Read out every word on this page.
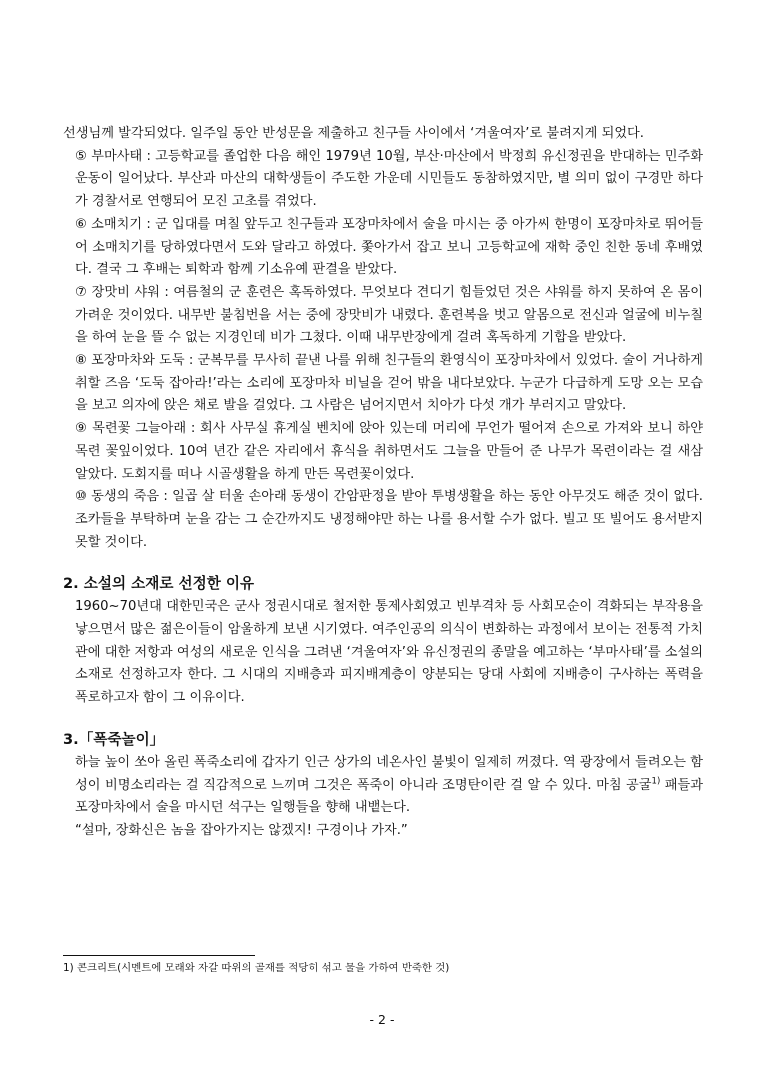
선생님께 발각되었다. 일주일 동안 반성문을 제출하고 친구들 사이에서 ‘겨울여자’로 불려지게 되었다.

⑤ 부마사태 : 고등학교를 졸업한 다음 해인 1979년 10월, 부산·마산에서 박정희 유신정권을 반대하는 민주화 운동이 일어났다. 부산과 마산의 대학생들이 주도한 가운데 시민들도 동참하였지만, 별 의미 없이 구경만 하다가 경찰서로 연행되어 모진 고초를 겪었다.

⑥ 소매치기 : 군 입대를 며칠 앞두고 친구들과 포장마차에서 술을 마시는 중 아가씨 한명이 포장마차로 뛰어들어 소매치기를 당하였다면서 도와 달라고 하였다. 쫓아가서 잡고 보니 고등학교에 재학 중인 친한 동네 후배였다. 결국 그 후배는 퇴학과 함께 기소유예 판결을 받았다.

⑦ 장맛비 샤워 : 여름철의 군 훈련은 혹독하였다. 무엇보다 견디기 힘들었던 것은 샤워를 하지 못하여 온 몸이 가려운 것이었다. 내무반 불침번을 서는 중에 장맛비가 내렸다. 훈련복을 벗고 알몸으로 전신과 얼굴에 비누칠을 하여 눈을 뜰 수 없는 지경인데 비가 그쳤다. 이때 내무반장에게 걸려 혹독하게 기합을 받았다.

⑧ 포장마차와 도둑 : 군복무를 무사히 끝낸 나를 위해 친구들의 환영식이 포장마차에서 있었다. 술이 거나하게 취할 즈음 ‘도둑 잡아라!’라는 소리에 포장마차 비닐을 걷어 밖을 내다보았다. 누군가 다급하게 도망 오는 모습을 보고 의자에 앉은 채로 발을 걸었다. 그 사람은 넘어지면서 치아가 다섯 개가 부러지고 말았다.

⑨ 목련꽃 그늘아래 : 회사 사무실 휴게실 벤치에 앉아 있는데 머리에 무언가 떨어져 손으로 가져와 보니 하얀 목련 꽃잎이었다. 10여 년간 같은 자리에서 휴식을 취하면서도 그늘을 만들어 준 나무가 목련이라는 걸 새삼 알았다. 도회지를 떠나 시골생활을 하게 만든 목련꽃이었다.

⑩ 동생의 죽음 : 일곱 살 터울 손아래 동생이 간암판정을 받아 투병생활을 하는 동안 아무것도 해준 것이 없다. 조카들을 부탁하며 눈을 감는 그 순간까지도 냉정해야만 하는 나를 용서할 수가 없다. 빌고 또 빌어도 용서받지 못할 것이다.

2. 소설의 소재로 선정한 이유

1960~70년대 대한민국은 군사 정권시대로 철저한 통제사회였고 빈부격차 등 사회모순이 격화되는 부작용을 낳으면서 많은 젊은이들이 암울하게 보낸 시기였다. 여주인공의 의식이 변화하는 과정에서 보이는 전통적 가치관에 대한 저항과 여성의 새로운 인식을 그려낸 ‘겨울여자’와 유신정권의 종말을 예고하는 ‘부마사태’를 소설의 소재로 선정하고자 한다. 그 시대의 지배층과 피지배계층이 양분되는 당대 사회에 지배층이 구사하는 폭력을 폭로하고자 함이 그 이유이다.

3.「폭죽놀이」

하늘 높이 쏘아 올린 폭죽소리에 갑자기 인근 상가의 네온사인 불빛이 일제히 꺼졌다. 역 광장에서 들려오는 함성이 비명소리라는 걸 직감적으로 느끼며 그것은 폭죽이 아니라 조명탄이란 걸 알 수 있다. 마침 공굴$^{1)}$ 패들과 포장마차에서 술을 마시던 석구는 일행들을 향해 내뱉는다.

“설마, 장화신은 놈을 잡아가지는 않겠지! 구경이나 가자.”

1) 콘크리트(시멘트에 모래와 자갈 따위의 골재를 적당히 섞고 물을 가하여 반죽한 것)

- 2 -
